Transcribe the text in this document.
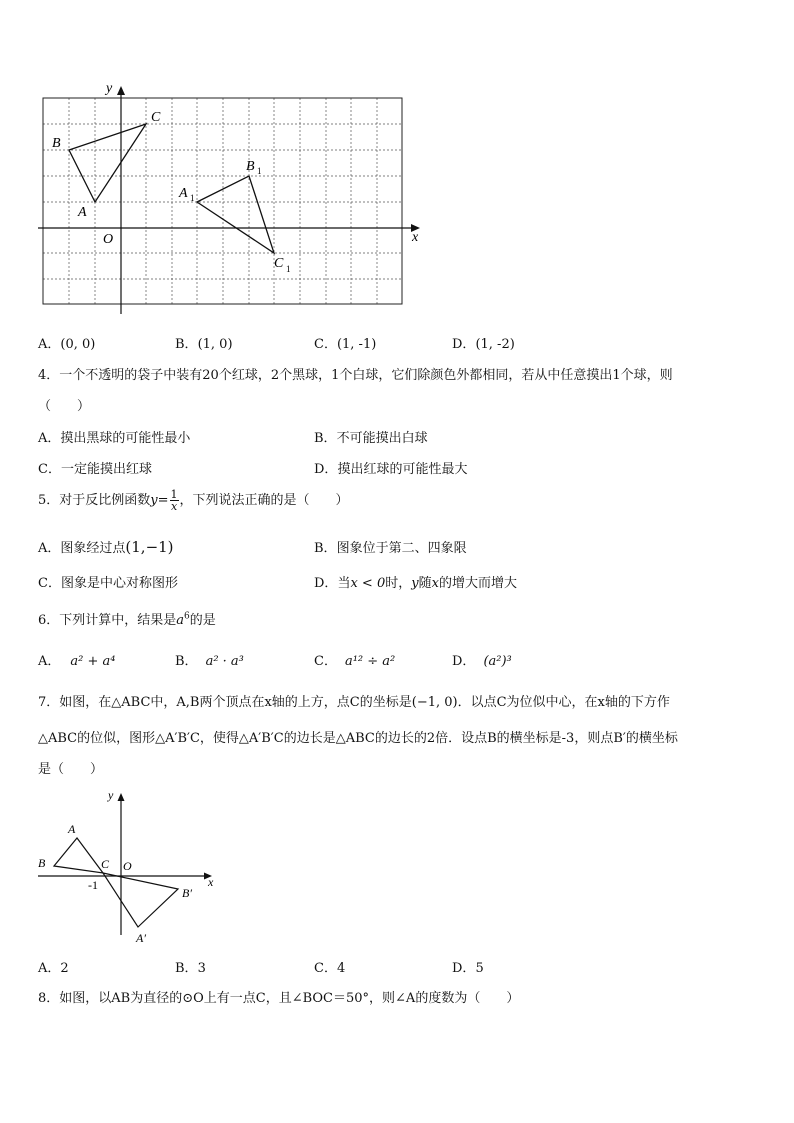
x
y
O
A
B
C
A 1
B 1
C 1
A．(0, 0)	B．(1, 0)	C．(1, -1)	D．(1, -2)
4．一个不透明的袋子中装有20个红球，2个黑球，1个白球，它们除颜色外都相同，若从中任意摸出1个球，则
（　　）
A．摸出黑球的可能性最小	B．不可能摸出白球
C．一定能摸出红球	D．摸出红球的可能性最大
5．对于反比例函数$y= \frac{1}{x}$ ，下列说法正确的是（　　）
A．图象经过点(1,−1)	B．图象位于第二、四象限
C．图象是中心对称图形	D．当x < 0时，y随x的增大而增大
6．下列计算中，结果是$a^6$的是
A． a² + a⁴	B． a² · a³	C． a¹² ÷ a²	D． (a²)³
7．如图，在△ABC中，A,B两个顶点在x轴的上方，点C的坐标是(−1, 0)．以点C为位似中心，在x轴的下方作
△ABC的位似，图形△A′B′C，使得△A′B′C的边长是△ABC的边长的2倍．设点B的横坐标是-3，则点B′的横坐标
是（　　）
y
x
A
B	C O
-1
B′
A′
A．2	B．3	C．4	D．5
8．如图，以AB为直径的⊙O上有一点C，且∠BOC＝50°，则∠A的度数为（　　）
